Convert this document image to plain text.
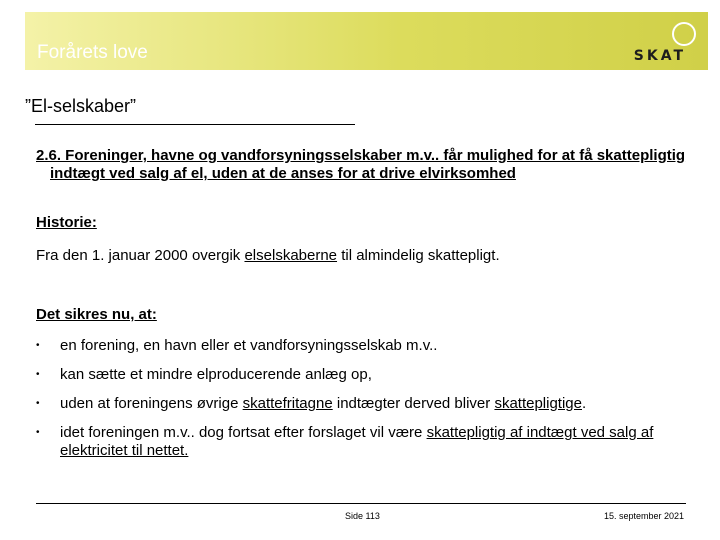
Forårets love	SKAT
”El-selskaber”
2.6. Foreninger, havne og vandforsyningsselskaber m.v.. får mulighed for at få skattepligtig indtægt ved salg af el, uden at de anses for at drive elvirksomhed
Historie:
Fra den 1. januar 2000 overgik elselskaberne til almindelig skattepligt.
Det sikres nu, at:
• en forening, en havn eller et vandforsyningsselskab m.v..
• kan sætte et mindre elproducerende anlæg op,
• uden at foreningens øvrige skattefritagne indtægter derved bliver skattepligtige.
• idet foreningen m.v.. dog fortsat efter forslaget vil være skattepligtig af indtægt ved salg af elektricitet til nettet.
Side 113	15. september 2021
